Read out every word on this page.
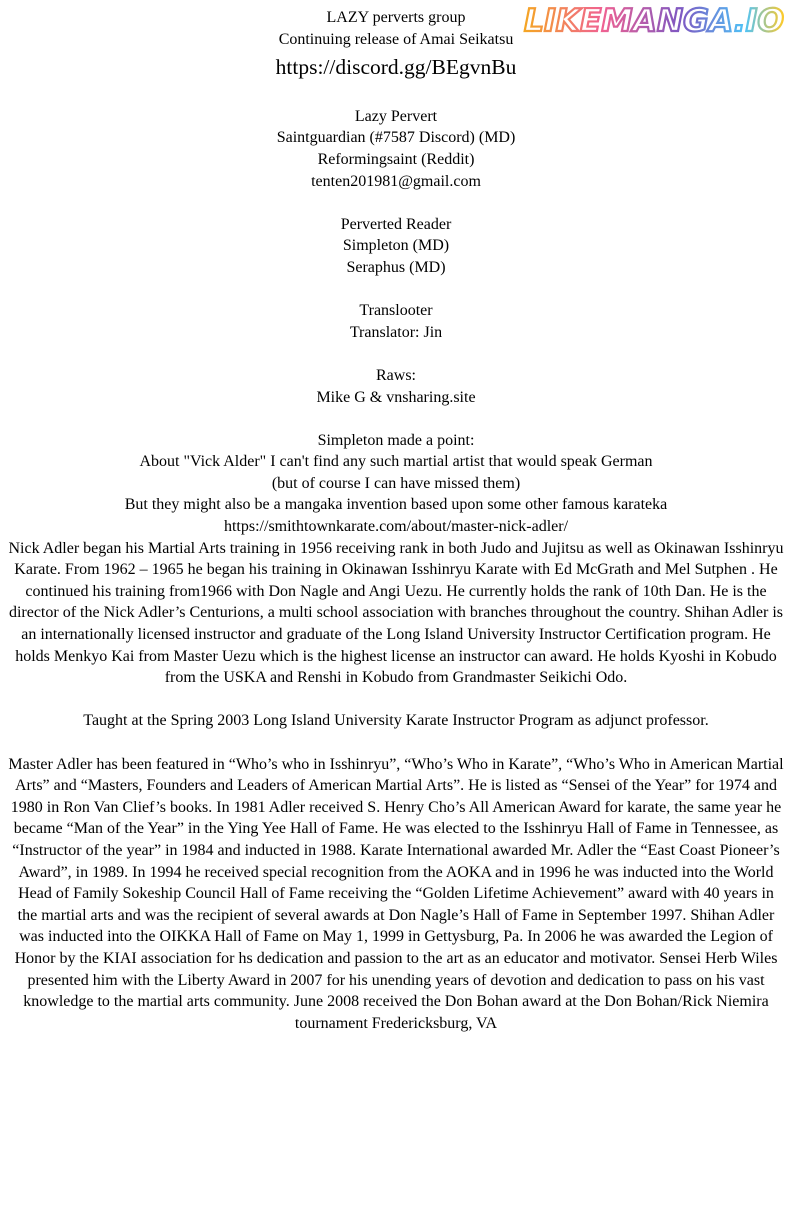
LIKEMANGA.IO
LAZY perverts group
Continuing release of Amai Seikatsu
https://discord.gg/BEgvnBu
Lazy Pervert
Saintguardian (#7587 Discord) (MD)
Reformingsaint (Reddit)
tenten201981@gmail.com
Perverted Reader
Simpleton (MD)
Seraphus (MD)
Translooter
Translator: Jin
Raws:
Mike G & vnsharing.site
Simpleton made a point:
About "Vick Alder" I can't find any such martial artist that would speak German
(but of course I can have missed them)
But they might also be a mangaka invention based upon some other famous karateka
https://smithtownkarate.com/about/master-nick-adler/
Nick Adler began his Martial Arts training in 1956 receiving rank in both Judo and Jujitsu as well as Okinawan Isshinryu Karate. From 1962 – 1965 he began his training in Okinawan Isshinryu Karate with Ed McGrath and Mel Sutphen . He continued his training from1966 with Don Nagle and Angi Uezu. He currently holds the rank of 10th Dan. He is the director of the Nick Adler’s Centurions, a multi school association with branches throughout the country. Shihan Adler is an internationally licensed instructor and graduate of the Long Island University Instructor Certification program. He holds Menkyo Kai from Master Uezu which is the highest license an instructor can award. He holds Kyoshi in Kobudo from the USKA and Renshi in Kobudo from Grandmaster Seikichi Odo.
Taught at the Spring 2003 Long Island University Karate Instructor Program as adjunct professor.
Master Adler has been featured in “Who’s who in Isshinryu”, “Who’s Who in Karate”, “Who’s Who in American Martial Arts” and “Masters, Founders and Leaders of American Martial Arts”. He is listed as “Sensei of the Year” for 1974 and 1980 in Ron Van Clief’s books. In 1981 Adler received S. Henry Cho’s All American Award for karate, the same year he became “Man of the Year” in the Ying Yee Hall of Fame. He was elected to the Isshinryu Hall of Fame in Tennessee, as “Instructor of the year” in 1984 and inducted in 1988. Karate International awarded Mr. Adler the “East Coast Pioneer’s Award”, in 1989. In 1994 he received special recognition from the AOKA and in 1996 he was inducted into the World Head of Family Sokeship Council Hall of Fame receiving the “Golden Lifetime Achievement” award with 40 years in the martial arts and was the recipient of several awards at Don Nagle’s Hall of Fame in September 1997. Shihan Adler was inducted into the OIKKA Hall of Fame on May 1, 1999 in Gettysburg, Pa. In 2006 he was awarded the Legion of Honor by the KIAI association for hs dedication and passion to the art as an educator and motivator. Sensei Herb Wiles presented him with the Liberty Award in 2007 for his unending years of devotion and dedication to pass on his vast knowledge to the martial arts community. June 2008 received the Don Bohan award at the Don Bohan/Rick Niemira tournament Fredericksburg, VA
